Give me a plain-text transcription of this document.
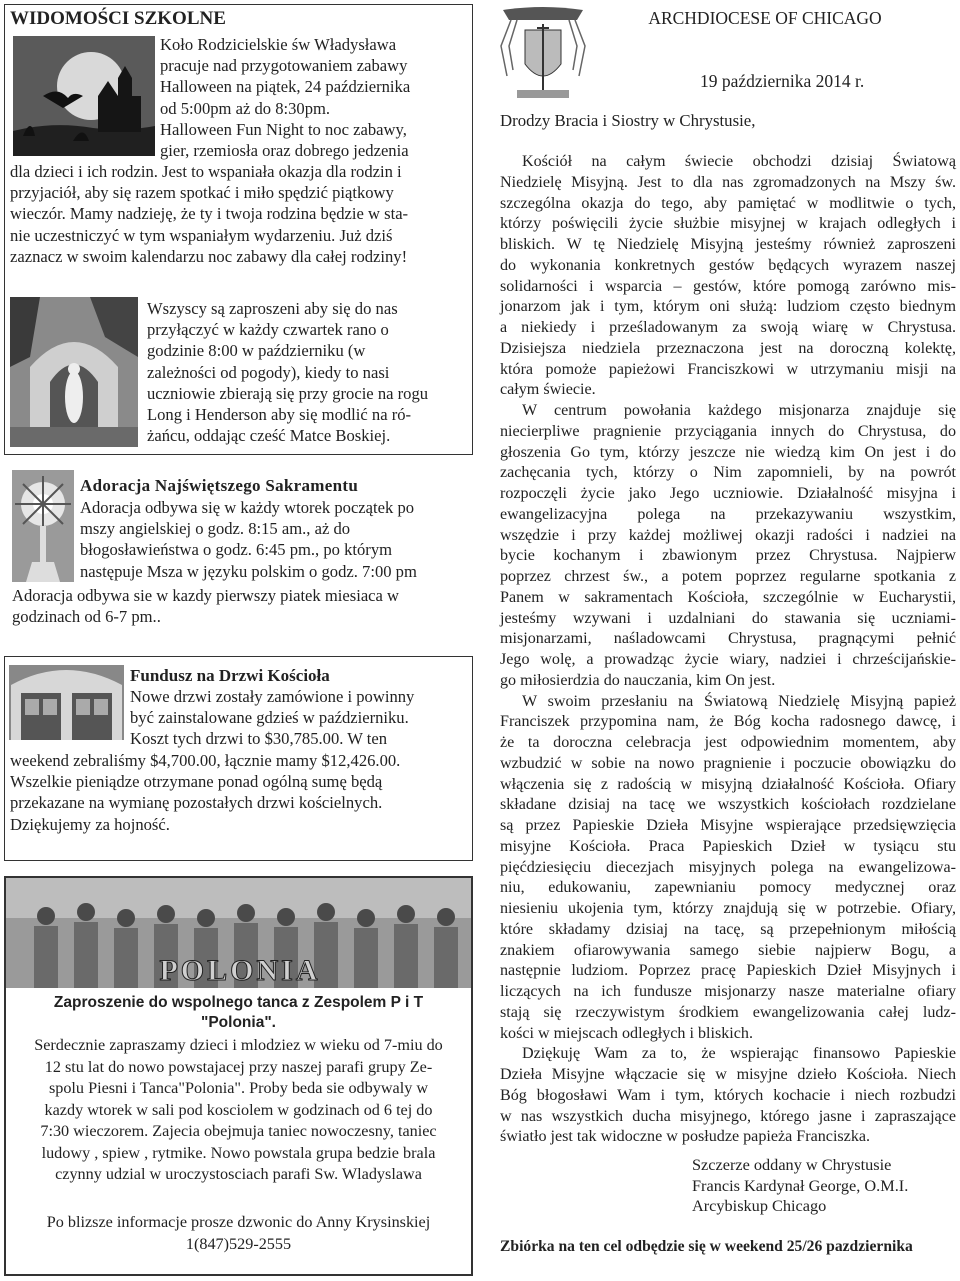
WIDOMOŚCI SZKOLNE

Koło Rodzicielskie św Władysława

pracuje nad przygotowaniem zabawy

Halloween na piątek, 24 października

od 5:00pm aż do 8:30pm.

Halloween Fun Night to noc zabawy,

gier, rzemiosła oraz dobrego jedzenia

dla dzieci i ich rodzin. Jest to wspaniała okazja dla rodzin i

przyjaciół, aby się razem spotkać i miło spędzić piątkowy

wieczór. Mamy nadzieję, że ty i twoja rodzina będzie w sta-

nie uczestniczyć w tym wspaniałym wydarzeniu. Już dziś

zaznacz w swoim kalendarzu noc zabawy dla całej rodziny!

Wszyscy są zaproszeni aby się do nas

przyłączyć w każdy czwartek rano o

godzinie 8:00 w październiku (w

zależności od pogody), kiedy to nasi

uczniowie zbierają się przy grocie na rogu

Long i Henderson aby się modlić na ró-

żańcu, oddając cześć Matce Boskiej.

Adoracja Najświętszego Sakramentu

Adoracja odbywa się w każdy wtorek początek po

mszy angielskiej o godz. 8:15 am., aż do

błogosławieństwa o godz. 6:45 pm., po którym

następuje Msza w języku polskim o godz. 7:00 pm

Adoracja odbywa sie w kazdy pierwszy piatek miesiaca w

godzinach od 6-7 pm..

Fundusz na Drzwi Kościoła

Nowe drzwi zostały zamówione i powinny

być zainstalowane gdzieś w październiku.

Koszt tych drzwi to $30,785.00. W ten

weekend zebraliśmy $4,700.00, łącznie mamy $12,426.00.

Wszelkie pieniądze otrzymane ponad ogólną sumę będą

przekazane na wymianę pozostałych drzwi kościelnych.

Dziękujemy za hojność.

POLONIA
Zaproszenie do wspolnego tanca z Zespolem P i T
"Polonia".

Serdecznie zapraszamy dzieci i mlodziez w wieku od 7-miu do

12 stu lat do nowo powstajacej przy naszej parafi grupy Ze-

spolu Piesni i Tanca"Polonia". Proby beda sie odbywaly w

kazdy wtorek w sali pod kosciolem w godzinach od 6 tej do

7:30 wieczorem. Zajecia obejmuja taniec nowoczesny, taniec

ludowy , spiew , rytmike. Nowo powstala grupa bedzie brala

czynny udzial w uroczystosciach parafi Sw. Wladyslawa

Po blizsze informacje prosze dzwonic do Anny Krysinskiej

1(847)529-2555

ARCHDIOCESE OF CHICAGO
19 października 2014 r.
Drodzy Bracia i Siostry w Chrystusie,

Kościół na całym świecie obchodzi dzisiaj Światową

Niedzielę Misyjną. Jest to dla nas zgromadzonych na Mszy św.

szczególna okazja do tego, aby pamiętać w modlitwie o tych,

którzy poświęcili życie służbie misyjnej w krajach odległych i

bliskich. W tę Niedzielę Misyjną jesteśmy również zaproszeni

do wykonania konkretnych gestów będących wyrazem naszej

solidarności i wsparcia – gestów, które pomogą zarówno mis-

jonarzom jak i tym, którym oni służą: ludziom często biednym

a niekiedy i prześladowanym za swoją wiarę w Chrystusa.

Dzisiejsza niedziela przeznaczona jest na doroczną kolektę,

która pomoże papieżowi Franciszkowi w utrzymaniu misji na

całym świecie.

W centrum powołania każdego misjonarza znajduje się

niecierpliwe pragnienie przyciągania innych do Chrystusa, do

głoszenia Go tym, którzy jeszcze nie wiedzą kim On jest i do

zachęcania tych, którzy o Nim zapomnieli, by na powrót

rozpoczęli życie jako Jego uczniowie. Działalność misyjna i

ewangelizacyjna polega na przekazywaniu wszystkim,

wszędzie i przy każdej możliwej okazji radości i nadziei na

bycie kochanym i zbawionym przez Chrystusa. Najpierw

poprzez chrzest św., a potem poprzez regularne spotkania z

Panem w sakramentach Kościoła, szczególnie w Eucharystii,

jesteśmy wzywani i uzdalniani do stawania się uczniami-

misjonarzami, naśladowcami Chrystusa, pragnącymi pełnić

Jego wolę, a prowadząc życie wiary, nadziei i chrześcijańskie-

go miłosierdzia do nauczania, kim On jest.

W swoim przesłaniu na Światową Niedzielę Misyjną papież

Franciszek przypomina nam, że Bóg kocha radosnego dawcę, i

że ta doroczna celebracja jest odpowiednim momentem, aby

wzbudzić w sobie na nowo pragnienie i poczucie obowiązku do

włączenia się z radością w misyjną działalność Kościoła. Ofiary

składane dzisiaj na tacę we wszystkich kościołach rozdzielane

są przez Papieskie Dzieła Misyjne wspierające przedsięwzięcia

misyjne Kościoła. Praca Papieskich Dzieł w tysiącu stu

pięćdziesięciu diecezjach misyjnych polega na ewangelizowa-

niu, edukowaniu, zapewnianiu pomocy medycznej oraz

niesieniu ukojenia tym, którzy znajdują się w potrzebie. Ofiary,

które składamy dzisiaj na tacę, są przepełnionym miłością

znakiem ofiarowywania samego siebie najpierw Bogu, a

następnie ludziom. Poprzez pracę Papieskich Dzieł Misyjnych i

liczących na ich fundusze misjonarzy nasze materialne ofiary

stają się rzeczywistym środkiem ewangelizowania całej ludz-

kości w miejscach odległych i bliskich.

Dziękuję Wam za to, że wspierając finansowo Papieskie

Dzieła Misyjne włączacie się w misyjne dzieło Kościoła. Niech

Bóg błogosławi Wam i tym, których kochacie i niech rozbudzi

w nas wszystkich ducha misyjnego, którego jasne i zapraszające

światło jest tak widoczne w posłudze papieża Franciszka.

Szczerze oddany w Chrystusie

Francis Kardynał George, O.M.I.

Arcybiskup Chicago

Zbiórka na ten cel odbędzie się w weekend 25/26 pazdziernika
